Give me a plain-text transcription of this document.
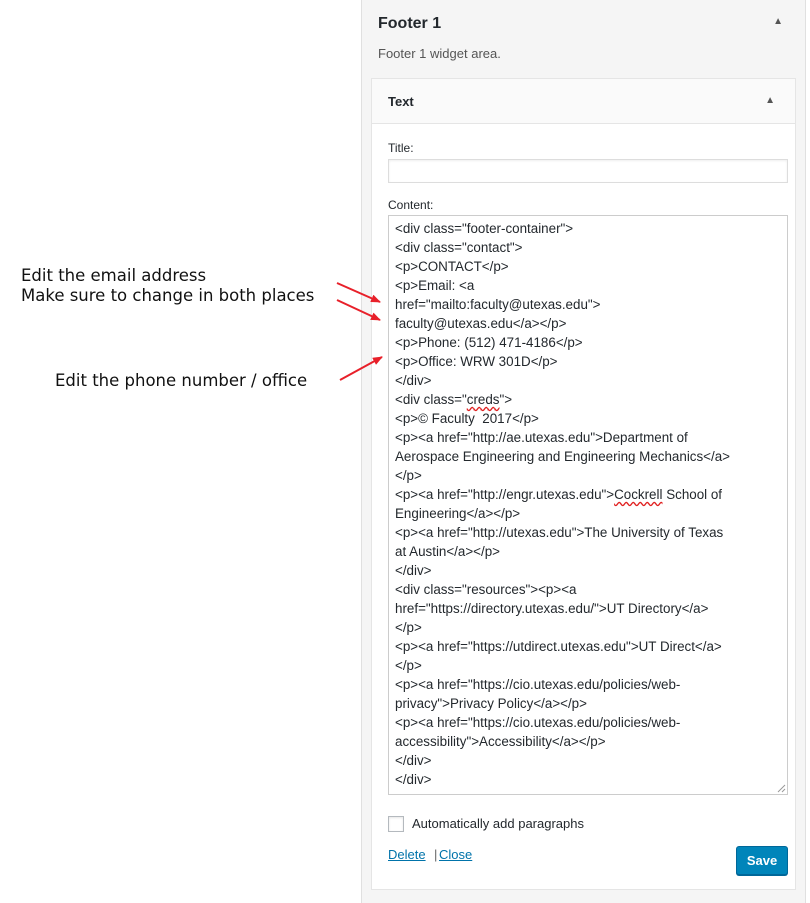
Edit the email address
Make sure to change in both places
Edit the phone number / office
Footer 1	▲
Footer 1 widget area.
Text	▲
Title:
Content:
<div class="footer-container">
<div class="contact">
<p>CONTACT</p>
<p>Email: <a
href="mailto:faculty@utexas.edu">
faculty@utexas.edu</a></p>
<p>Phone: (512) 471-4186</p>
<p>Office: WRW 301D</p>
</div>
<div class="creds">
<p>© Faculty  2017</p>
<p><a href="http://ae.utexas.edu">Department of
Aerospace Engineering and Engineering Mechanics</a>
</p>
<p><a href="http://engr.utexas.edu">Cockrell School of
Engineering</a></p>
<p><a href="http://utexas.edu">The University of Texas
at Austin</a></p>
</div>
<div class="resources"><p><a
href="https://directory.utexas.edu/">UT Directory</a>
</p>
<p><a href="https://utdirect.utexas.edu">UT Direct</a>
</p>
<p><a href="https://cio.utexas.edu/policies/web-
privacy">Privacy Policy</a></p>
<p><a href="https://cio.utexas.edu/policies/web-
accessibility">Accessibility</a></p>
</div>
</div>
Automatically add paragraphs
Delete | Close	Save
